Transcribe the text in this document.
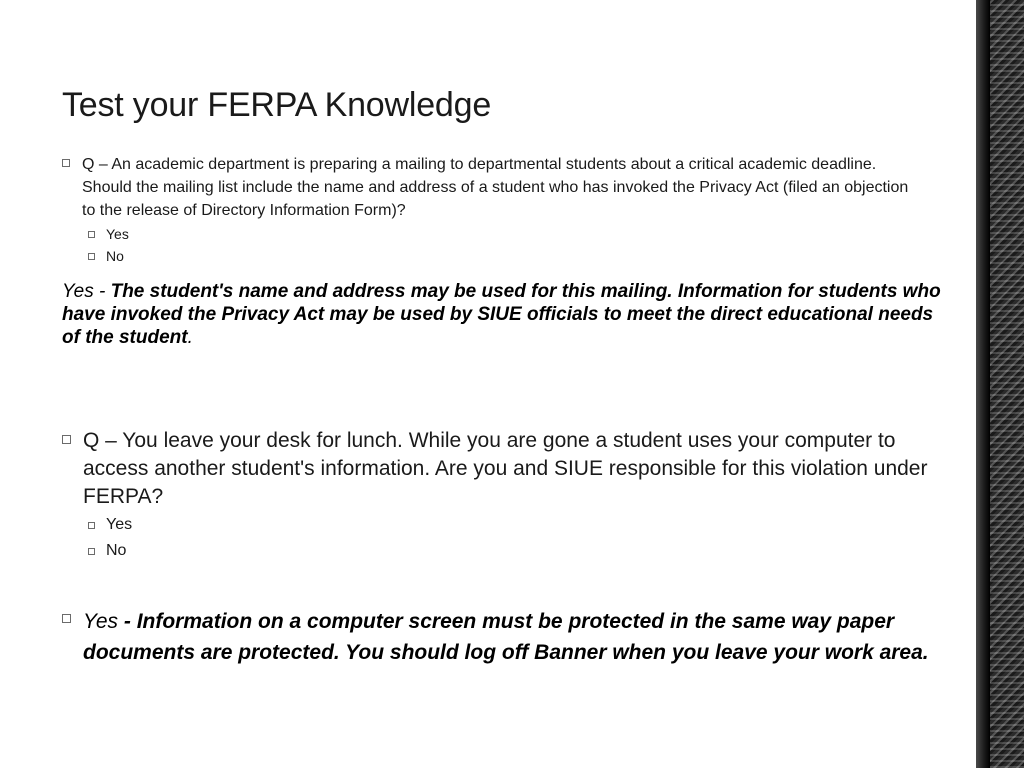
Test your FERPA Knowledge
Q – An academic department is preparing a mailing to departmental students about a critical academic deadline. Should the mailing list include the name and address of a student who has invoked the Privacy Act (filed an objection to the release of Directory Information Form)?
Yes
No
Yes - The student's name and address may be used for this mailing. Information for students who have invoked the Privacy Act may be used by SIUE officials to meet the direct educational needs of the student.
Q – You leave your desk for lunch. While you are gone a student uses your computer to access another student's information. Are you and SIUE responsible for this violation under FERPA?
Yes
No
Yes - Information on a computer screen must be protected in the same way paper documents are protected. You should log off Banner when you leave your work area.
